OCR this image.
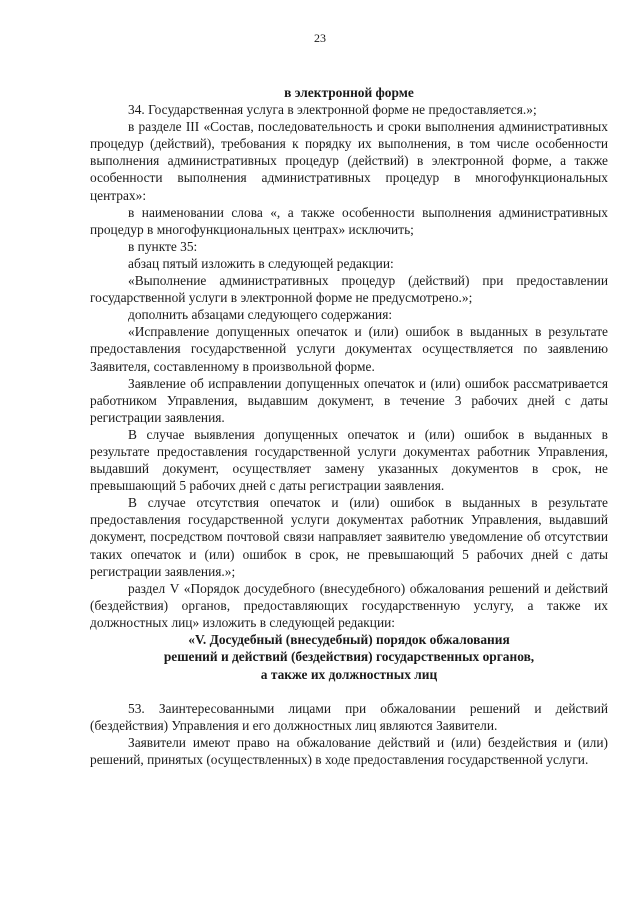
23

в электронной форме

34. Государственная услуга в электронной форме не предоставляется.»;

в разделе III «Состав, последовательность и сроки выполнения административных процедур (действий), требования к порядку их выполнения, в том числе особенности выполнения административных процедур (действий) в электронной форме, а также особенности выполнения административных процедур в многофункциональных центрах»:

в наименовании слова «, а также особенности выполнения административных процедур в многофункциональных центрах» исключить;

в пункте 35:

абзац пятый изложить в следующей редакции:

«Выполнение административных процедур (действий) при предоставлении государственной услуги в электронной форме не предусмотрено.»;

дополнить абзацами следующего содержания:

«Исправление допущенных опечаток и (или) ошибок в выданных в результате предоставления государственной услуги документах осуществляется по заявлению Заявителя, составленному в произвольной форме.

Заявление об исправлении допущенных опечаток и (или) ошибок рассматривается работником Управления, выдавшим документ, в течение 3 рабочих дней с даты регистрации заявления.

В случае выявления допущенных опечаток и (или) ошибок в выданных в результате предоставления государственной услуги документах работник Управления, выдавший документ, осуществляет замену указанных документов в срок, не превышающий 5 рабочих дней с даты регистрации заявления.

В случае отсутствия опечаток и (или) ошибок в выданных в результате предоставления государственной услуги документах работник Управления, выдавший документ, посредством почтовой связи направляет заявителю уведомление об отсутствии таких опечаток и (или) ошибок в срок, не превышающий 5 рабочих дней с даты регистрации заявления.»;

раздел V «Порядок досудебного (внесудебного) обжалования решений и действий (бездействия) органов, предоставляющих государственную услугу, а также их должностных лиц» изложить в следующей редакции:

«V. Досудебный (внесудебный) порядок обжалования
решений и действий (бездействия) государственных органов,
а также их должностных лиц

53. Заинтересованными лицами при обжаловании решений и действий (бездействия) Управления и его должностных лиц являются Заявители.

Заявители имеют право на обжалование действий и (или) бездействия и (или) решений, принятых (осуществленных) в ходе предоставления государственной услуги.
